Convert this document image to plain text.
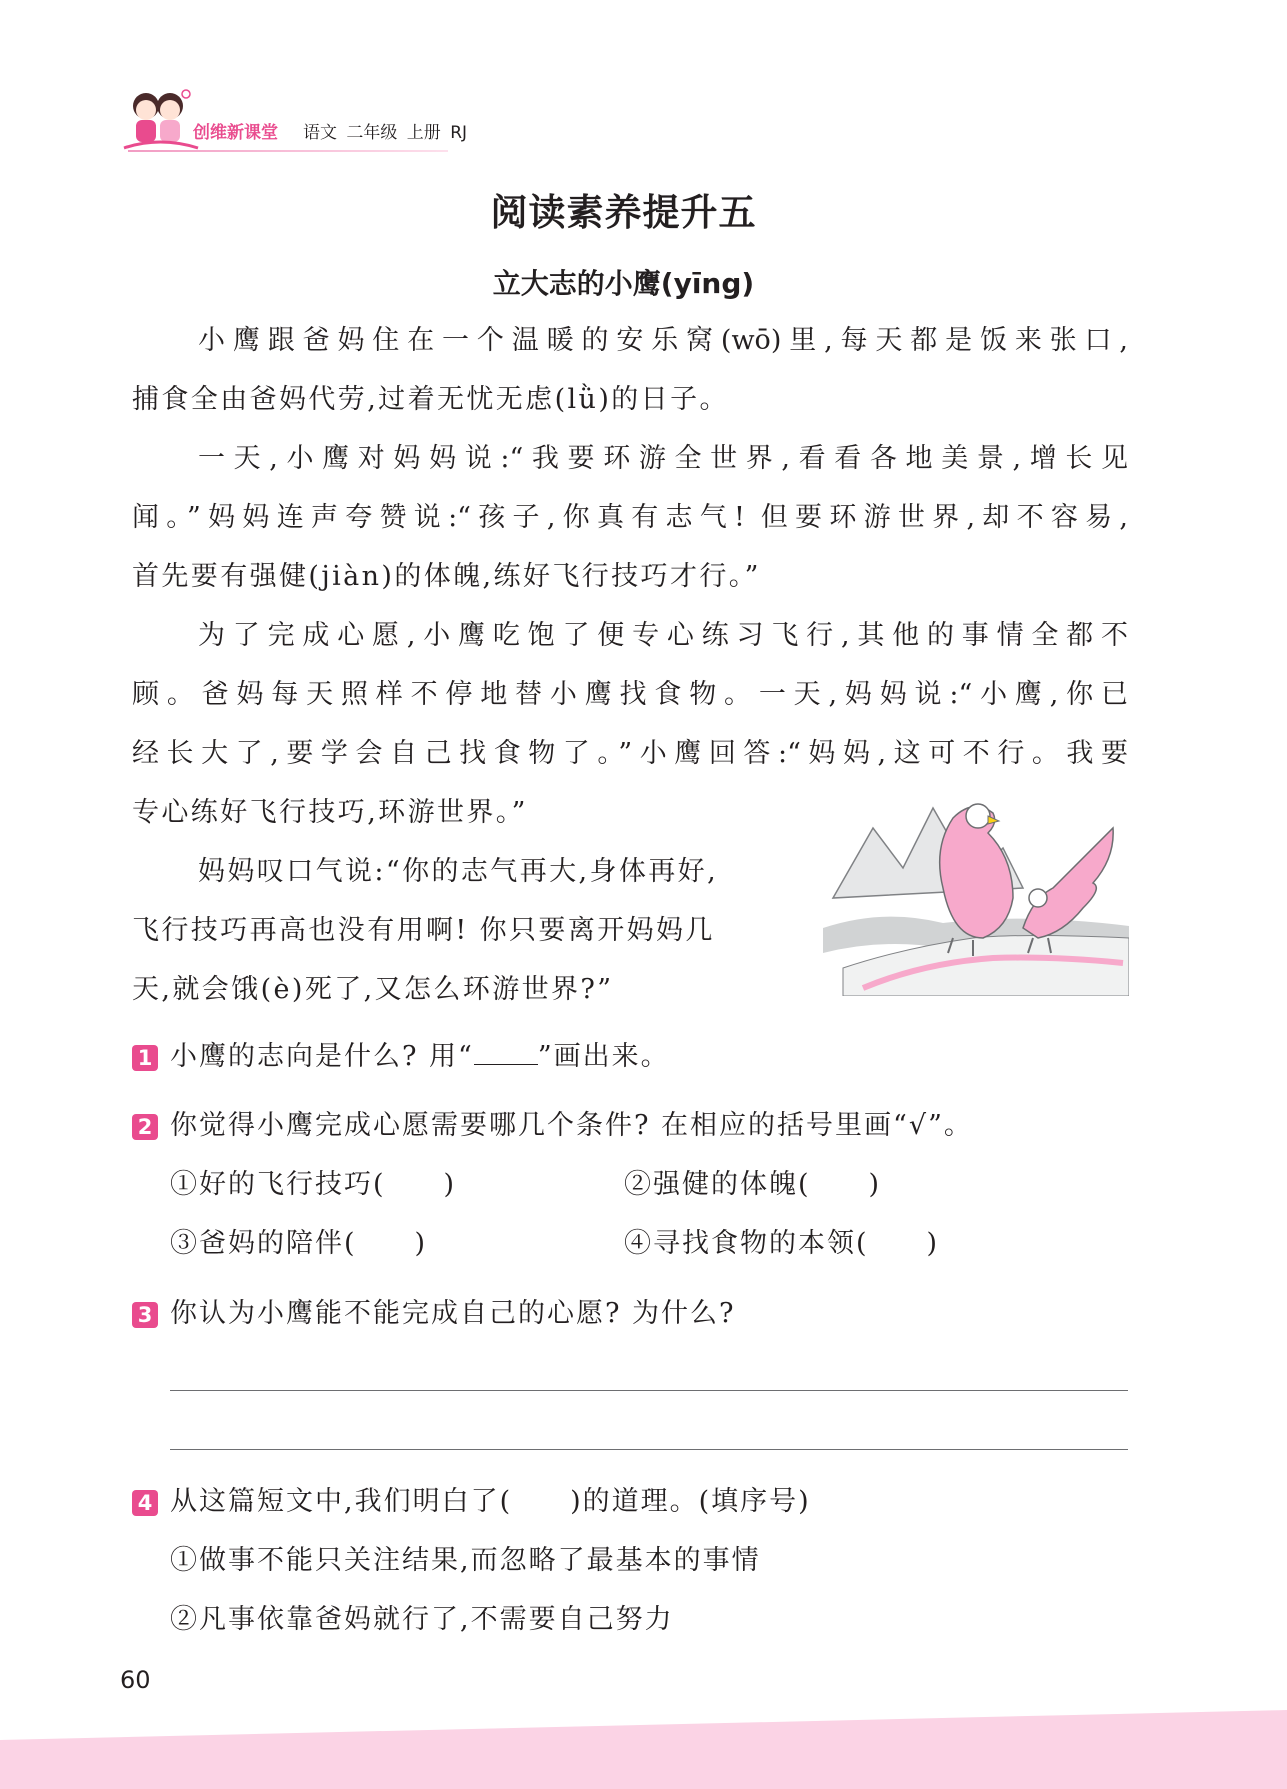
创维新课堂 语文 二年级 上册 RJ
阅读素养提升五
立大志的小鹰(yīng)
小鹰跟爸妈住在一个温暖的安乐窝(wō)里,每天都是饭来张口,
捕食全由爸妈代劳,过着无忧无虑(lǜ)的日子。
一天,小鹰对妈妈说:“我要环游全世界,看看各地美景,增长见
闻。”妈妈连声夸赞说:“孩子,你真有志气! 但要环游世界,却不容易,
首先要有强健(jiàn)的体魄,练好飞行技巧才行。”
为了完成心愿,小鹰吃饱了便专心练习飞行,其他的事情全都不
顾。爸妈每天照样不停地替小鹰找食物。一天,妈妈说:“小鹰,你已
经长大了,要学会自己找食物了。”小鹰回答:“妈妈,这可不行。我要
专心练好飞行技巧,环游世界。”
妈妈叹口气说:“你的志气再大,身体再好,
飞行技巧再高也没有用啊! 你只要离开妈妈几
天,就会饿(è)死了,又怎么环游世界?”
1 小鹰的志向是什么? 用“ ”画出来。
2 你觉得小鹰完成心愿需要哪几个条件? 在相应的括号里画“√”。
①好的飞行技巧(　　)	②强健的体魄(　　)
③爸妈的陪伴(　　)	④寻找食物的本领(　　)
3 你认为小鹰能不能完成自己的心愿? 为什么?
4 从这篇短文中,我们明白了(　　)的道理。(填序号)
①做事不能只关注结果,而忽略了最基本的事情
②凡事依靠爸妈就行了,不需要自己努力
60
